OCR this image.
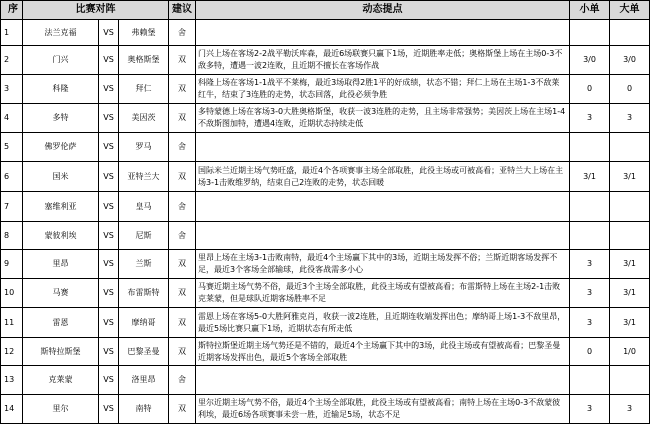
序	比赛对阵			建议	动态提点	小单	大单
1	法兰克福	VS	弗赖堡	舍			
2	门兴	VS	奥格斯堡	双	门兴上场在客场2-2战平勒沃库森，最近6场联赛只赢下1场，近期胜率走低；奥格斯堡上场在主场0-3不敌多特，遭遇一波2连败，且近期不擅长在客场作战	3/0	3/0
3	科隆	VS	拜仁	双	科隆上场在客场1-1战平不莱梅，最近3场取得2胜1平的好成绩，状态不错；拜仁上场在主场1-3不敌莱红牛，结束了3连胜的走势，状态回落，此役必须争胜	0	0
4	多特	VS	美因茨	双	多特蒙德上场在客场3-0大胜奥格斯堡，收获一波3连胜的走势，且主场非常强势；美因茨上场在主场1-4不敌斯图加特，遭遇4连败，近期状态持续走低	3	3
5	佛罗伦萨	VS	罗马	舍			
6	国米	VS	亚特兰大	双	国际米兰近期主场气势旺盛，最近4个各项赛事主场全部取胜，此役主场或可被高看；亚特兰大上场在主场3-1击败维罗纳，结束自己2连败的走势，状态回暖	3/1	3/1
7	塞维利亚	VS	皇马	舍			
8	蒙彼利埃	VS	尼斯	舍			
9	里昂	VS	兰斯	双	里昂上场在主场3-1击败南特，最近4个主场赢下其中的3场，近期主场发挥不俗；兰斯近期客场发挥不足，最近3个客场全部输球，此役客战需多小心	3	3/1
10	马赛	VS	布雷斯特	双	马赛近期主场气势不俗，最近3个主场全部取胜，此役主场或有望被高看；布雷斯特上场在主场2-1击败克莱蒙，但是球队近期客场胜率不足	3	3/1
11	雷恩	VS	摩纳哥	双	雷恩上场在客场5-0大胜阿雅克肖，收获一波2连胜，且近期连收端发挥出色；摩纳哥上场1-3不敌里昂，最近5场比赛只赢下1场，近期状态有所走低	3	3/1
12	斯特拉斯堡	VS	巴黎圣曼	双	斯特拉斯堡近期主场气势还是不错的，最近4个主场赢下其中的3场，此役主场或有望被高看；巴黎圣曼近期客场发挥出色，最近5个客场全部取胜	0	1/0
13	克莱蒙	VS	洛里昂	舍			
14	里尔	VS	南特	双	里尔近期主场气势不俗，最近4个主场全部取胜，此役主场或有望被高看；南特上场在主场0-3不敌蒙彼利埃，最近6场各项赛事未尝一胜，近输足5场，状态不足	3	3
